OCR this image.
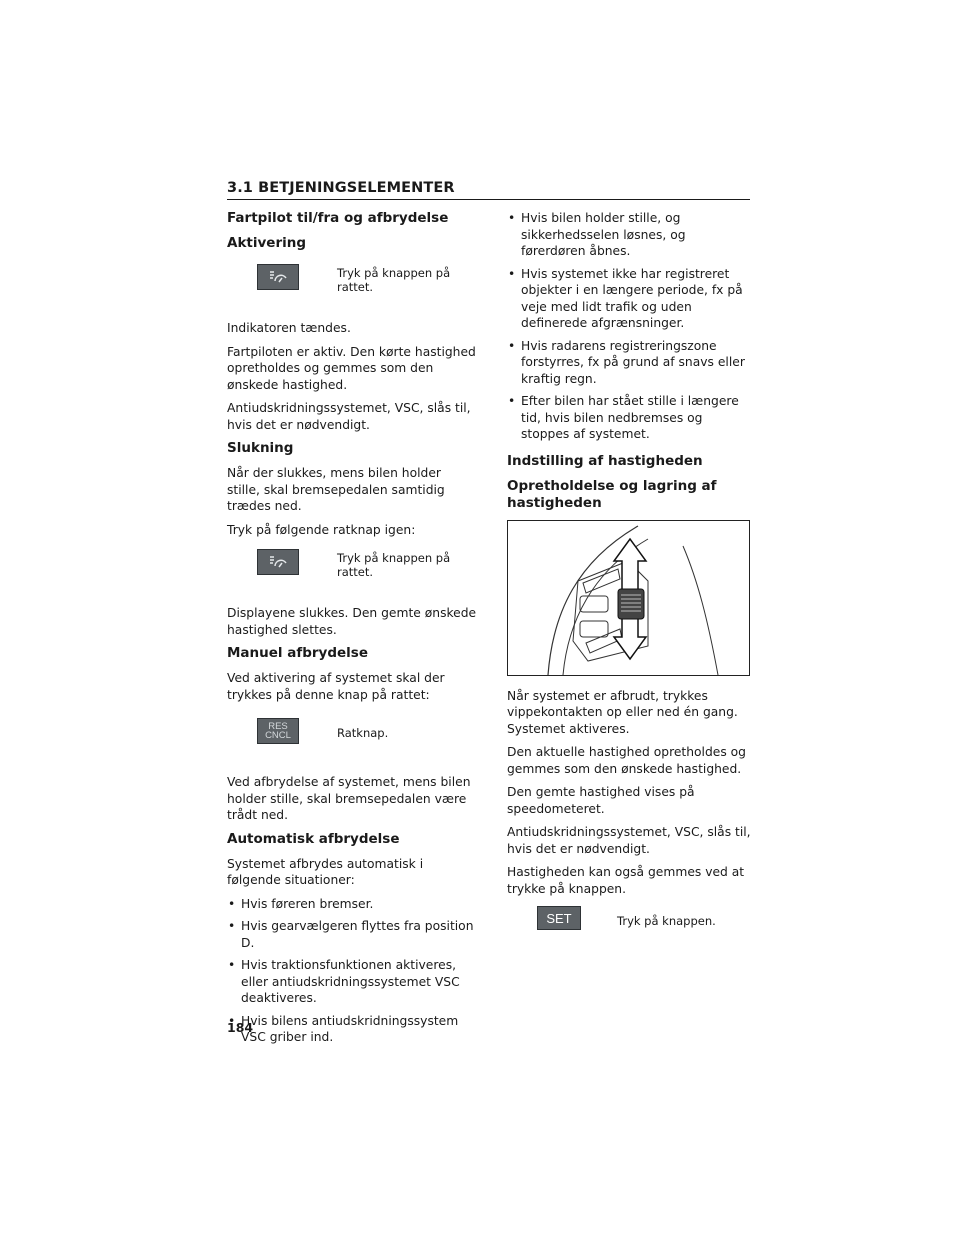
3.1 BETJENINGSELEMENTER
Fartpilot til/fra og afbrydelse
Aktivering
Tryk på knappen på rattet.

Indikatoren tændes.

Fartpiloten er aktiv. Den kørte hastighed opretholdes og gemmes som den ønskede hastighed.

Antiudskridningssystemet, VSC, slås til, hvis det er nødvendigt.

Slukning

Når der slukkes, mens bilen holder stille, skal bremsepedalen samtidig trædes ned.

Tryk på følgende ratknap igen:

Tryk på knappen på rattet.

Displayene slukkes. Den gemte ønskede hastighed slettes.

Manuel afbrydelse

Ved aktivering af systemet skal der trykkes på denne knap på rattet:

RES
CNCL	Ratknap.

Ved afbrydelse af systemet, mens bilen holder stille, skal bremsepedalen være trådt ned.

Automatisk afbrydelse

Systemet afbrydes automatisk i følgende situationer:

• Hvis føreren bremser.
• Hvis gearvælgeren flyttes fra position D.
• Hvis traktionsfunktionen aktiveres, eller antiudskridningssystemet VSC deaktiveres.
• Hvis bilens antiudskridningssystem VSC griber ind.
• Hvis bilen holder stille, og sikkerhedsselen løsnes, og førerdøren åbnes.
• Hvis systemet ikke har registreret objekter i en længere periode, fx på veje med lidt trafik og uden definerede afgrænsninger.
• Hvis radarens registreringszone forstyrres, fx på grund af snavs eller kraftig regn.
• Efter bilen har stået stille i længere tid, hvis bilen nedbremses og stoppes af systemet.
Indstilling af hastigheden
Opretholdelse og lagring af hastigheden

Når systemet er afbrudt, trykkes vippekontakten op eller ned én gang. Systemet aktiveres.

Den aktuelle hastighed opretholdes og gemmes som den ønskede hastighed.

Den gemte hastighed vises på speedometeret.

Antiudskridningssystemet, VSC, slås til, hvis det er nødvendigt.

Hastigheden kan også gemmes ved at trykke på knappen.

SET	Tryk på knappen.
184
